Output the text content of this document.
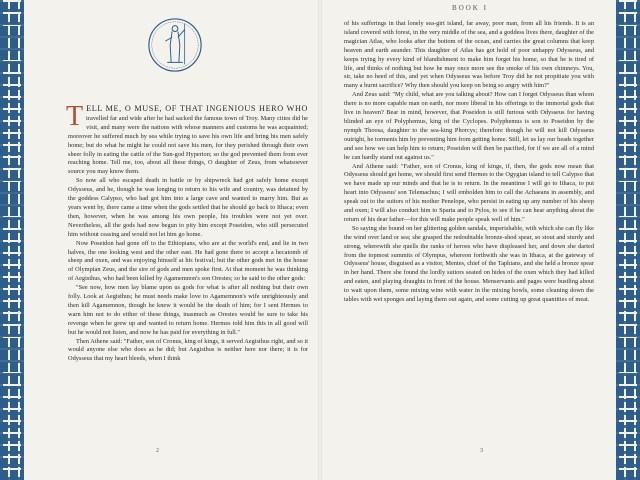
TELL ME, O MUSE, OF THAT INGENIOUS HERO WHO travelled far and wide after he had sacked the famous town of Troy. Many cities did he visit, and many were the nations with whose manners and customs he was acquainted; moreover he suffered much by sea while trying to save his own life and bring his men safely home; but do what he might he could not save his men, for they perished through their own sheer folly in eating the cattle of the Sun-god Hyperion; so the god prevented them from ever reaching home. Tell me, too, about all these things, O daughter of Zeus, from whatsoever source you may know them.

So now all who escaped death in battle or by shipwreck had got safely home except Odysseus, and he, though he was longing to return to his wife and country, was detained by the goddess Calypso, who had got him into a large cave and wanted to marry him. But as years went by, there came a time when the gods settled that he should go back to Ithaca; even then, however, when he was among his own people, his troubles were not yet over. Nevertheless, all the gods had now begun to pity him except Poseidon, who still persecuted him without ceasing and would not let him go home.

Now Poseidon had gone off to the Ethiopians, who are at the world's end, and lie in two halves, the one looking west and the other east. He had gone there to accept a hecatomb of sheep and oxen, and was enjoying himself at his festival; but the other gods met in the house of Olympian Zeus, and the sire of gods and men spoke first. At that moment he was thinking of Aegisthus, who had been killed by Agamemnon's son Orestes; so he said to the other gods:

"See now, how men lay blame upon us gods for what is after all nothing but their own folly. Look at Aegisthus; he must needs make love to Agamemnon's wife unrighteously and then kill Agamemnon, though he knew it would be the death of him; for I sent Hermes to warn him not to do either of these things, inasmuch as Orestes would be sure to take his revenge when he grew up and wanted to return home. Hermes told him this in all good will but he would not listen, and now he has paid for everything in full."

Then Athene said: "Father, son of Cronus, king of kings, it served Aegisthus right, and so it would anyone else who does as he did; but Aegisthus is neither here nor there; it is for Odysseus that my heart bleeds, when I think

2
BOOK I

of his sufferings in that lonely sea-girt island, far away, poor man, from all his friends. It is an island covered with forest, in the very middle of the sea, and a goddess lives there, daughter of the magician Atlas, who looks after the bottom of the ocean, and carries the great columns that keep heaven and earth asunder. This daughter of Atlas has got hold of poor unhappy Odysseus, and keeps trying by every kind of blandishment to make him forget his home, so that he is tired of life, and thinks of nothing but how he may once more see the smoke of his own chimneys. You, sir, take no heed of this, and yet when Odysseus was before Troy did he not propitiate you with many a burnt sacrifice? Why then should you keep on being so angry with him?"

And Zeus said: "My child, what are you talking about? How can I forget Odysseus than whom there is no more capable man on earth, nor more liberal in his offerings to the immortal gods that live in heaven? Bear in mind, however, that Poseidon is still furious with Odysseus for having blinded an eye of Polyphemus, king of the Cyclopes. Polyphemus is son to Poseidon by the nymph Thoosa, daughter to the sea-king Phorcys; therefore though he will not kill Odysseus outright, he torments him by preventing him from getting home. Still, let us lay our heads together and see how we can help him to return; Poseidon will then be pacified, for if we are all of a mind he can hardly stand out against us."

And Athene said: "Father, son of Cronus, king of kings, if, then, the gods now mean that Odysseus should get home, we should first send Hermes to the Ogygian island to tell Calypso that we have made up our minds and that he is to return. In the meantime I will go to Ithaca, to put heart into Odysseus' son Telemachus; I will embolden him to call the Achaeans in assembly, and speak out to the suitors of his mother Penelope, who persist in eating up any number of his sheep and oxen; I will also conduct him to Sparta and to Pylos, to see if he can hear anything about the return of his dear father—for this will make people speak well of him."

So saying she bound on her glittering golden sandals, imperishable, with which she can fly like the wind over land or sea; she grasped the redoubtable bronze-shod spear, so stout and sturdy and strong, wherewith she quells the ranks of heroes who have displeased her, and down she darted from the topmost summits of Olympus, whereon forthwith she was in Ithaca, at the gateway of Odysseus' house, disguised as a visitor, Mentes, chief of the Taphians, and she held a bronze spear in her hand. There she found the lordly suitors seated on hides of the oxen which they had killed and eaten, and playing draughts in front of the house. Menservants and pages were bustling about to wait upon them, some mixing wine with water in the mixing bowls, some cleaning down the tables with wet sponges and laying them out again, and some cutting up great quantities of meat.

3
